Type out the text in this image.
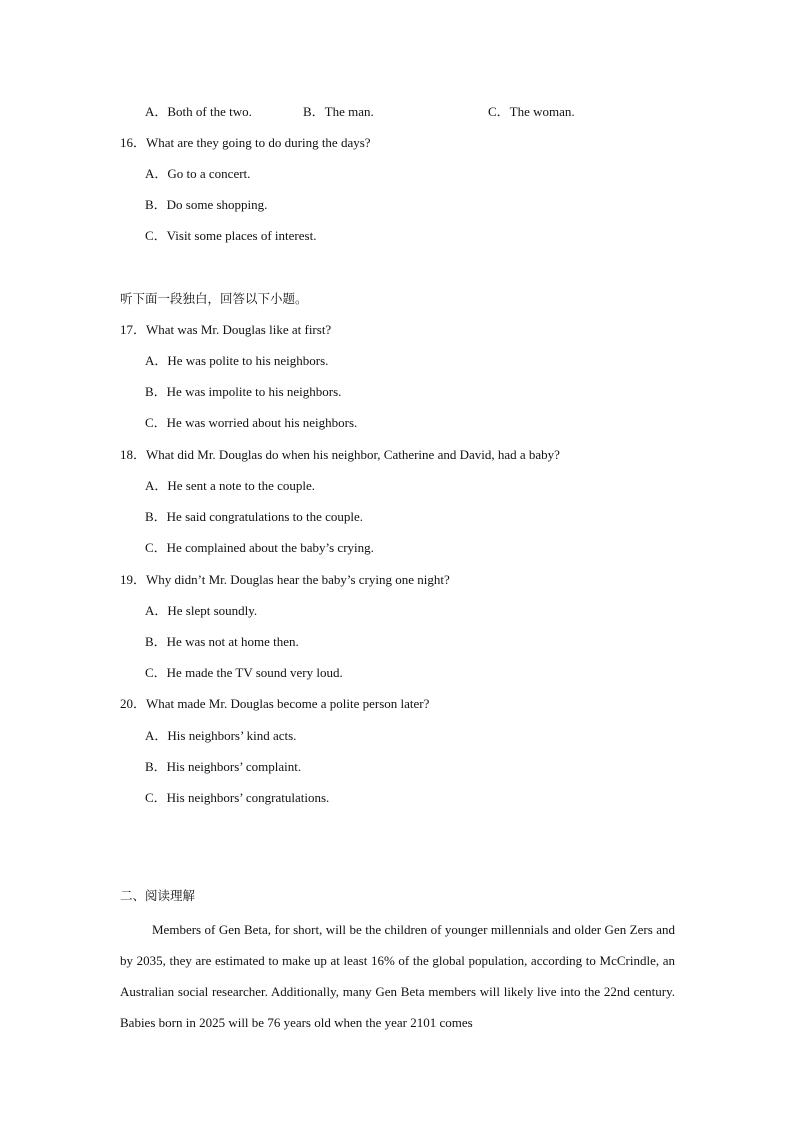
A．Both of the two.	B．The man.	C．The woman.
16．What are they going to do during the days?
A．Go to a concert.
B．Do some shopping.
C．Visit some places of interest.
听下面一段独白，回答以下小题。
17．What was Mr. Douglas like at first?
A．He was polite to his neighbors.
B．He was impolite to his neighbors.
C．He was worried about his neighbors.
18．What did Mr. Douglas do when his neighbor, Catherine and David, had a baby?
A．He sent a note to the couple.
B．He said congratulations to the couple.
C．He complained about the baby’s crying.
19．Why didn’t Mr. Douglas hear the baby’s crying one night?
A．He slept soundly.
B．He was not at home then.
C．He made the TV sound very loud.
20．What made Mr. Douglas become a polite person later?
A．His neighbors’ kind acts.
B．His neighbors’ complaint.
C．His neighbors’ congratulations.
二、阅读理解
Members of Gen Beta, for short, will be the children of younger millennials and older Gen Zers and by 2035, they are estimated to make up at least 16% of the global population, according to McCrindle, an Australian social researcher. Additionally, many Gen Beta members will likely live into the 22nd century. Babies born in 2025 will be 76 years old when the year 2101 comes
